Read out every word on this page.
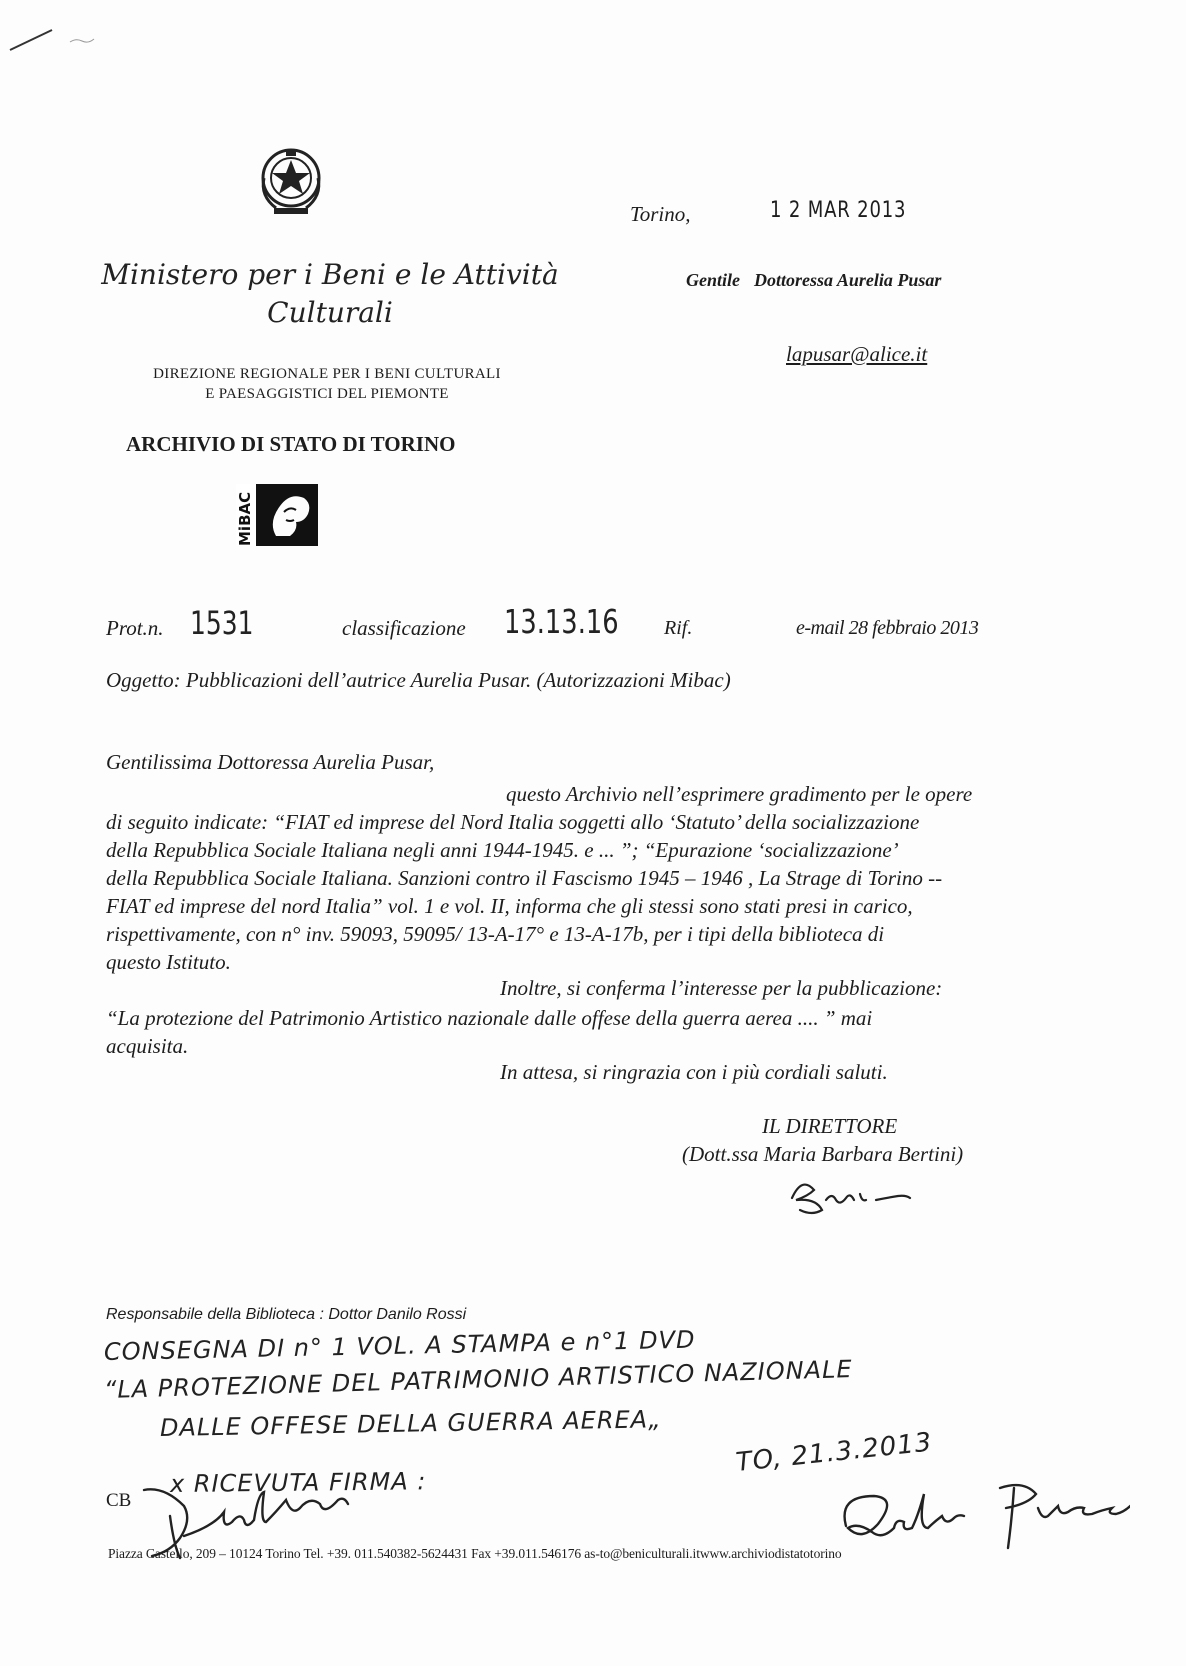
Ministero per i Beni e le Attività Culturali
DIREZIONE REGIONALE PER I BENI CULTURALI
E PAESAGGISTICI DEL PIEMONTE
ARCHIVIO DI STATO DI TORINO
MiBAC
Torino,	1 2 MAR 2013
Gentile Dottoressa Aurelia Pusar
lapusar@alice.it
Prot.n. 1531	classificazione 13.13.16 Rif.	e-mail 28 febbraio 2013
Oggetto: Pubblicazioni dell’autrice Aurelia Pusar. (Autorizzazioni Mibac)
Gentilissima Dottoressa Aurelia Pusar,
questo Archivio nell’esprimere gradimento per le opere
di seguito indicate: “FIAT ed imprese del Nord Italia soggetti allo ‘Statuto’ della socializzazione
della Repubblica Sociale Italiana negli anni 1944-1945. e ... ”; “Epurazione ‘socializzazione’
della Repubblica Sociale Italiana. Sanzioni contro il Fascismo 1945 – 1946 , La Strage di Torino --
FIAT ed imprese del nord Italia” vol. 1 e vol. II, informa che gli stessi sono stati presi in carico,
rispettivamente, con n° inv. 59093, 59095/ 13-A-17° e 13-A-17b, per i tipi della biblioteca di
questo Istituto.
Inoltre, si conferma l’interesse per la pubblicazione:
“La protezione del Patrimonio Artistico nazionale dalle offese della guerra aerea .... ” mai
acquisita.
In attesa, si ringrazia con i più cordiali saluti.
IL DIRETTORE
(Dott.ssa Maria Barbara Bertini)
Responsabile della Biblioteca : Dottor Danilo Rossi
CONSEGNA DI n° 1 VOL. A STAMPA e n°1 DVD
“LA PROTEZIONE DEL PATRIMONIO ARTISTICO NAZIONALE
DALLE OFFESE DELLA GUERRA AEREA„
x RICEVUTA FIRMA :
TO, 21.3.2013
CB
Piazza Castello, 209 – 10124 Torino Tel. +39. 011.540382-5624431 Fax +39.011.546176 as-to@beniculturali.itwww.archiviodistatotorino
